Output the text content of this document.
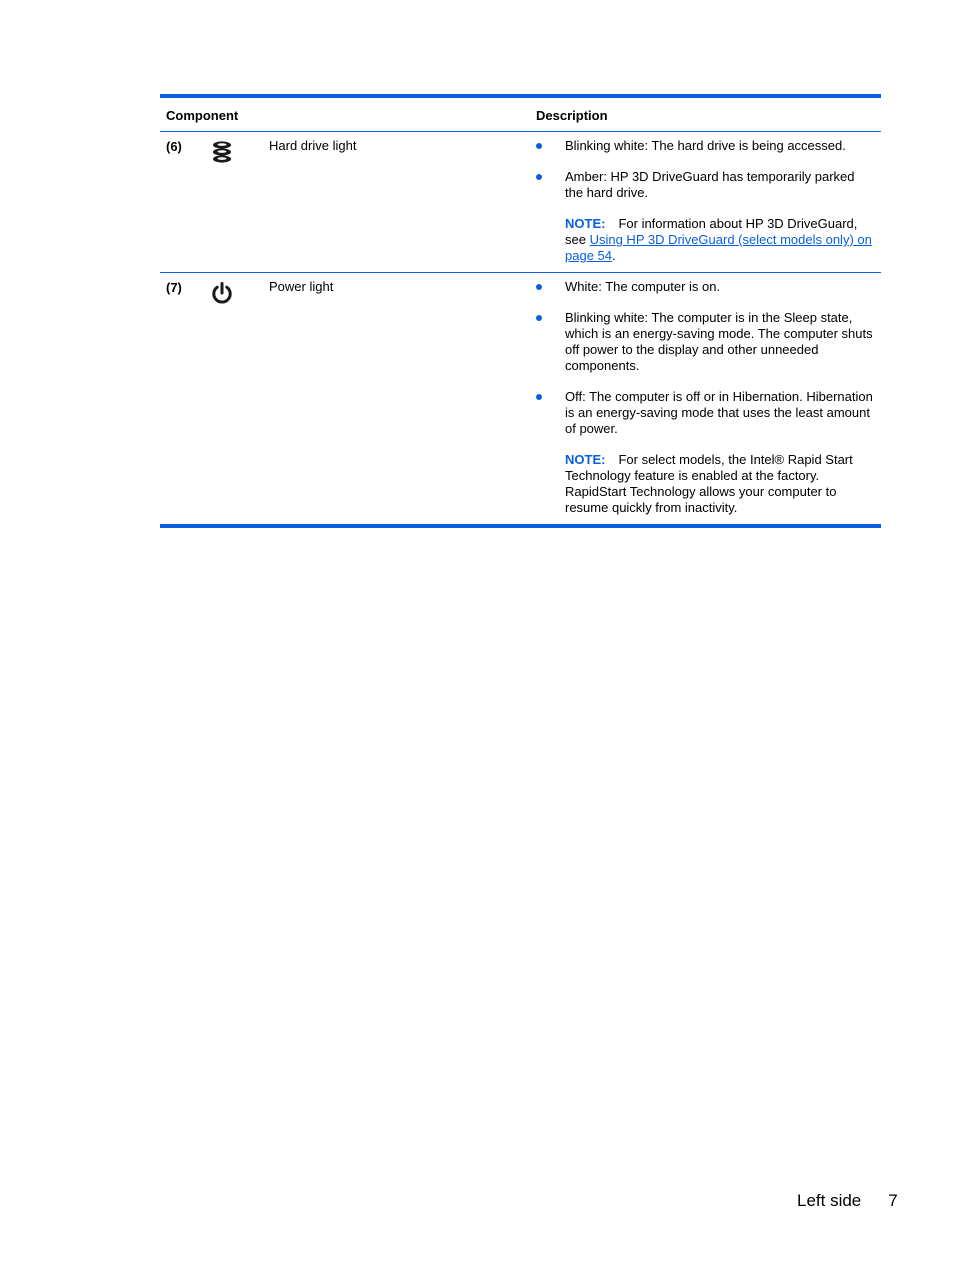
Component	Description
(6)	Hard drive light	Blinking white: The hard drive is being accessed.
Amber: HP 3D DriveGuard has temporarily parked the hard drive.
NOTE: For information about HP 3D DriveGuard, see Using HP 3D DriveGuard (select models only) on page 54.
(7)	Power light	White: The computer is on.
Blinking white: The computer is in the Sleep state, which is an energy-saving mode. The computer shuts off power to the display and other unneeded components.
Off: The computer is off or in Hibernation. Hibernation is an energy-saving mode that uses the least amount of power.
NOTE: For select models, the Intel® Rapid Start Technology feature is enabled at the factory. RapidStart Technology allows your computer to resume quickly from inactivity.
Left side 7
